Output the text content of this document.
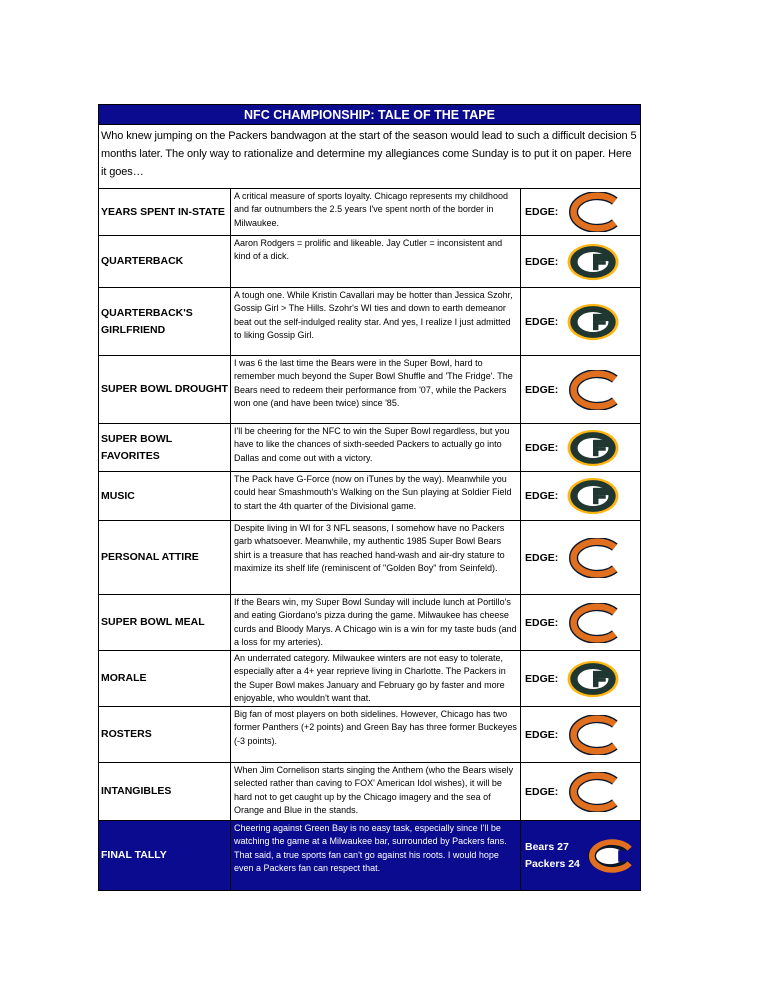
NFC CHAMPIONSHIP: TALE OF THE TAPE
Who knew jumping on the Packers bandwagon at the start of the season would lead to such a difficult decision 5 months later. The only way to rationalize and determine my allegiances come Sunday is to put it on paper. Here it goes…
YEARS SPENT IN-STATE
A critical measure of sports loyalty. Chicago represents my childhood and far outnumbers the 2.5 years I've spent north of the border in Milwaukee.
EDGE:
QUARTERBACK
Aaron Rodgers = prolific and likeable. Jay Cutler = inconsistent and kind of a dick.	EDGE:
QUARTERBACK'S GIRLFRIEND
A tough one. While Kristin Cavallari may be hotter than Jessica Szohr, Gossip Girl > The Hills. Szohr's WI ties and down to earth demeanor beat out the self-indulged reality star. And yes, I realize I just admitted to liking Gossip Girl.
EDGE:
SUPER BOWL DROUGHT
I was 6 the last time the Bears were in the Super Bowl, hard to remember much beyond the Super Bowl Shuffle and 'The Fridge'. The Bears need to redeem their performance from '07, while the Packers won one (and have been twice) since '85.
EDGE:
SUPER BOWL FAVORITES
I'll be cheering for the NFC to win the Super Bowl regardless, but you have to like the chances of sixth-seeded Packers to actually go into Dallas and come out with a victory.
EDGE:
MUSIC
The Pack have G-Force (now on iTunes by the way). Meanwhile you could hear Smashmouth's Walking on the Sun playing at Soldier Field to start the 4th quarter of the Divisional game.
EDGE:
PERSONAL ATTIRE
Despite living in WI for 3 NFL seasons, I somehow have no Packers garb whatsoever. Meanwhile, my authentic 1985 Super Bowl Bears shirt is a treasure that has reached hand-wash and air-dry stature to maximize its shelf life (reminiscent of "Golden Boy" from Seinfeld).
EDGE:
SUPER BOWL MEAL
If the Bears win, my Super Bowl Sunday will include lunch at Portillo's and eating Giordano's pizza during the game. Milwaukee has cheese curds and Bloody Marys. A Chicago win is a win for my taste buds (and a loss for my arteries).
EDGE:
MORALE
An underrated category. Milwaukee winters are not easy to tolerate, especially after a 4+ year reprieve living in Charlotte. The Packers in the Super Bowl makes January and February go by faster and more enjoyable, who wouldn't want that.
EDGE:
ROSTERS
Big fan of most players on both sidelines. However, Chicago has two former Panthers (+2 points) and Green Bay has three former Buckeyes (-3 points).
EDGE:
INTANGIBLES
When Jim Cornelison starts singing the Anthem (who the Bears wisely selected rather than caving to FOX' American Idol wishes), it will be hard not to get caught up by the Chicago imagery and the sea of Orange and Blue in the stands.
EDGE:
FINAL TALLY
Cheering against Green Bay is no easy task, especially since I'll be watching the game at a Milwaukee bar, surrounded by Packers fans. That said, a true sports fan can't go against his roots. I would hope even a Packers fan can respect that.
Bears 27
Packers 24
